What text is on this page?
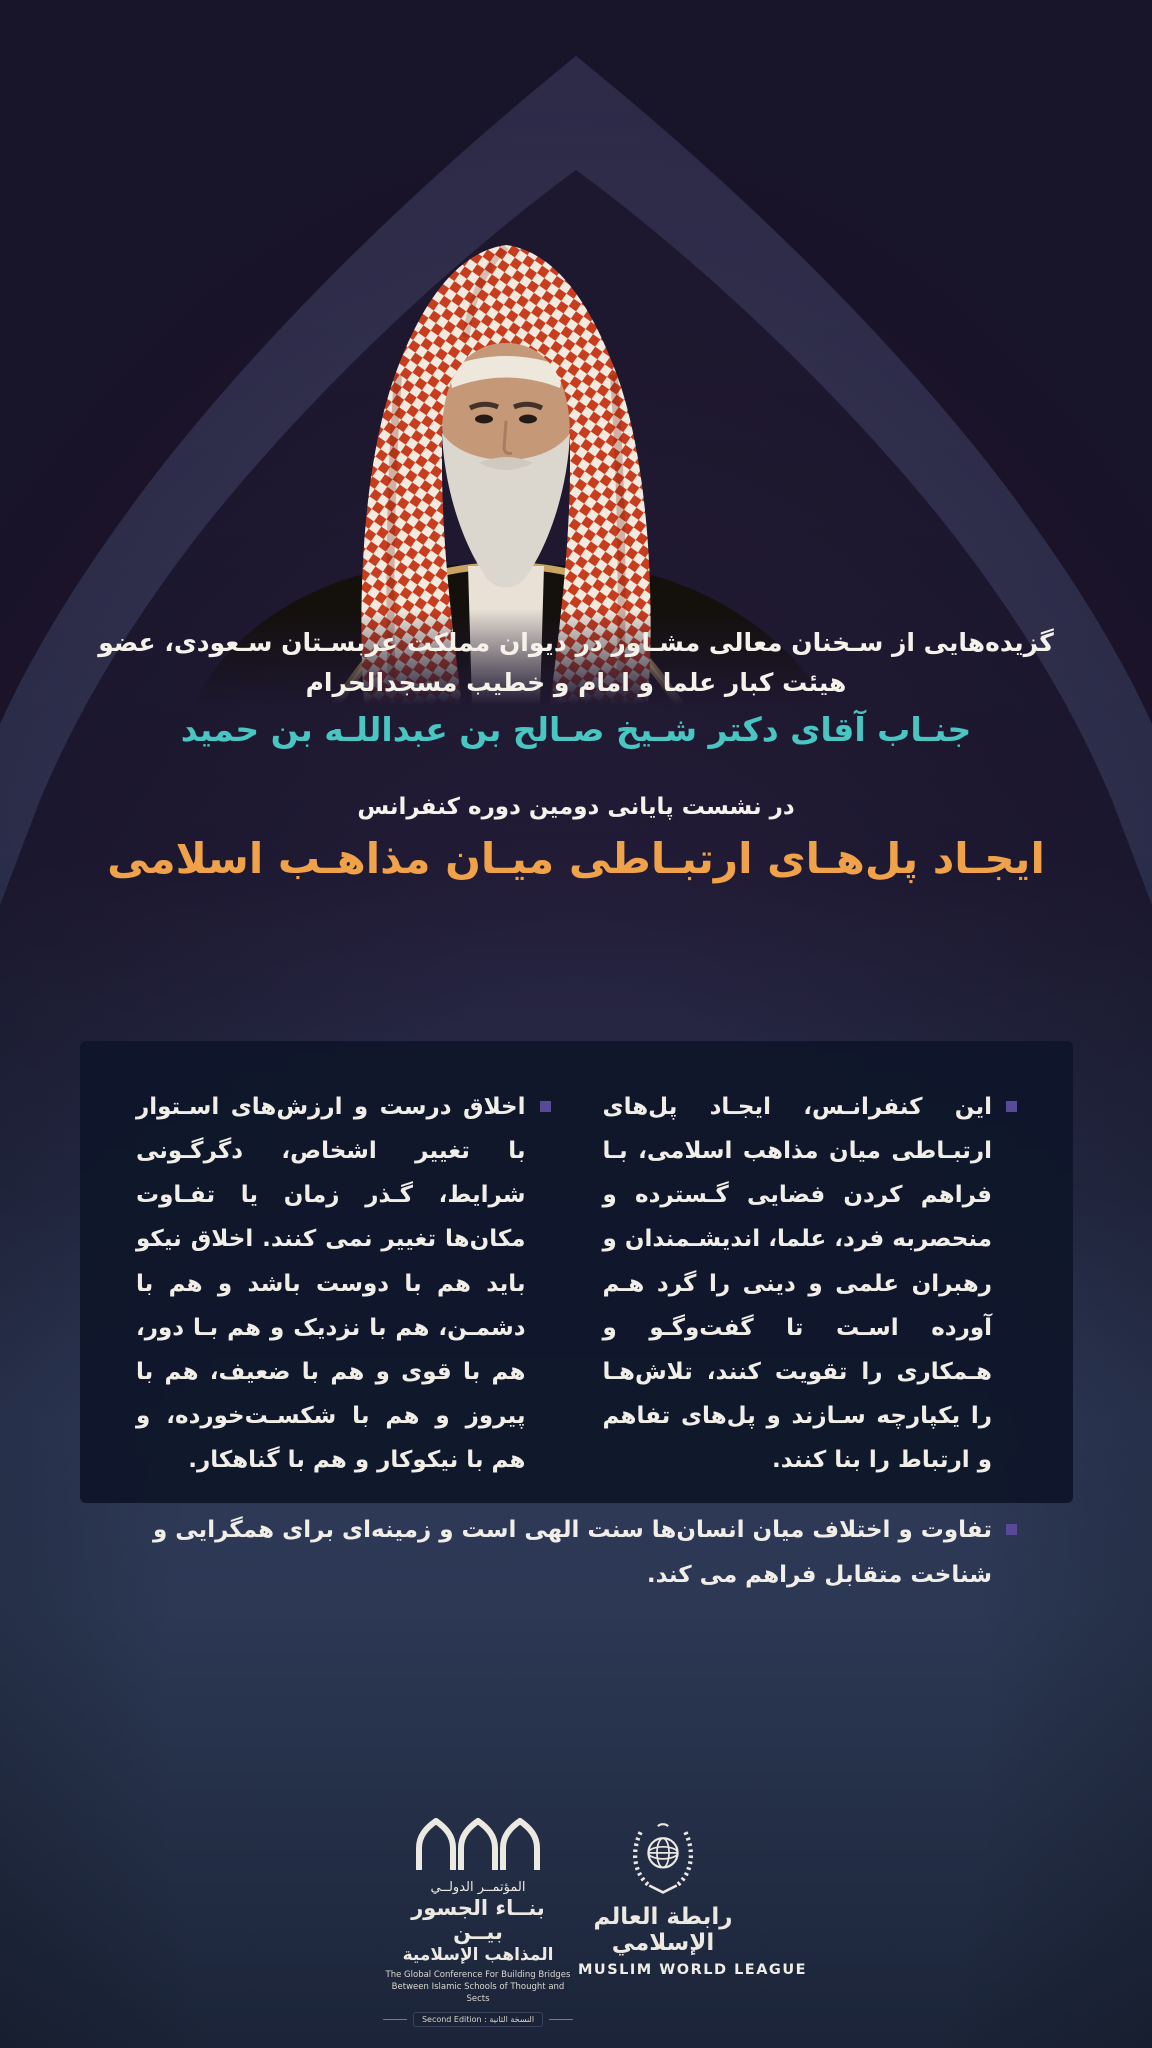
گزیده‌هایی از سـخنان معالی مشـاور در دیوان مملکت عربسـتان سـعودی، عضو
هیئت کبار علما و امام و خطیب مسجدالحرام
جنـاب آقای دکتر شـیخ صـالح بن عبداللـه بن حمید
در نشست پایانی دومین دوره کنفرانس
ایجـاد پل‌هـای ارتبـاطی میـان مذاهـب اسلامی

این کنفرانـس، ایجـاد پل‌های ارتبـاطی میان مذاهب اسلامی، بـا فراهم کردن فضایی گـسترده و منحصربه فرد، علما، اندیشـمندان و رهبران علمی و دینی را گرد هـم آورده اسـت تا گفت‌وگـو و هـمکاری را تقویت کنند، تلاش‌هـا را یکپارچه سـازند و پل‌های تفاهم و ارتباط را بنا کنند.

اخلاق درست و ارزش‌های اسـتوار با تغییر اشخاص، دگرگـونی شرایط، گـذر زمان یا تفـاوت مکان‌ها تغییر نمی کنند. اخلاق نیکو باید هم با دوست باشد و هم با دشمـن، هم با نزدیک و هم بـا دور، هم با قوی و هم با ضعیف، هم با پیروز و هم با شکسـت‌خورده، و هم با نیکوکار و هم با گناهکار.

تفاوت و اختلاف میان انسان‌ها سنت الهی است و زمینه‌ای برای همگرایی و شناخت متقابل فراهم می کند.

المؤتمــر الدولــي
بنــاء الجسور بيــن
المذاهب الإسلامية
The Global Conference For Building Bridges
Between Islamic Schools of Thought and Sects
Second Edition : النسخة الثانية
رابطة العالم الإسلامي
MUSLIM WORLD LEAGUE
